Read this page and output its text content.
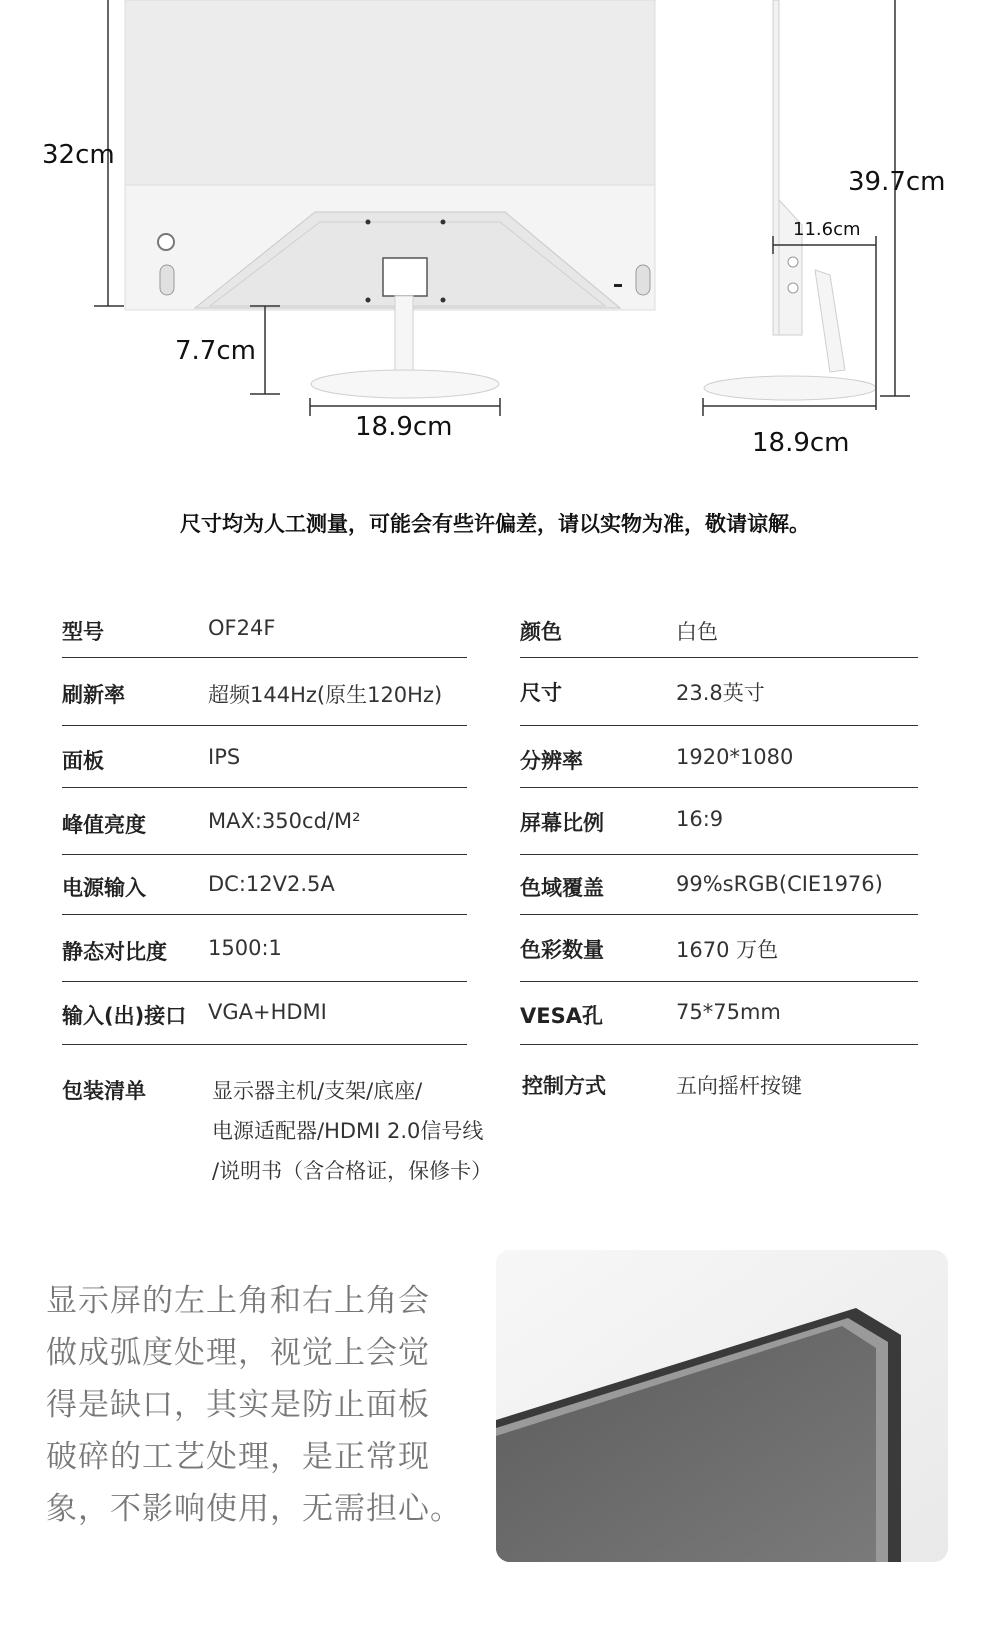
32cm
39.7cm
11.6cm
7.7cm
18.9cm
18.9cm
尺寸均为人工测量，可能会有些许偏差，请以实物为准，敬请谅解。
型号	OF24F
刷新率	超频144Hz(原生120Hz)
面板	IPS
峰值亮度	MAX:350cd/M²
电源输入	DC:12V2.5A
静态对比度 1500:1
输入(出)接口 VGA+HDMI
颜色	白色
尺寸	23.8英寸
分辨率	1920*1080
屏幕比例	16:9
色域覆盖	99%sRGB(CIE1976)
色彩数量	1670 万色
VESA孔	75*75mm
包装清单	显示器主机/支架/底座/
电源适配器/HDMI 2.0信号线
/说明书（含合格证，保修卡）
控制方式	五向摇杆按键
显示屏的左上角和右上角会
做成弧度处理，视觉上会觉
得是缺口，其实是防止面板
破碎的工艺处理，是正常现
象，不影响使用，无需担心。
